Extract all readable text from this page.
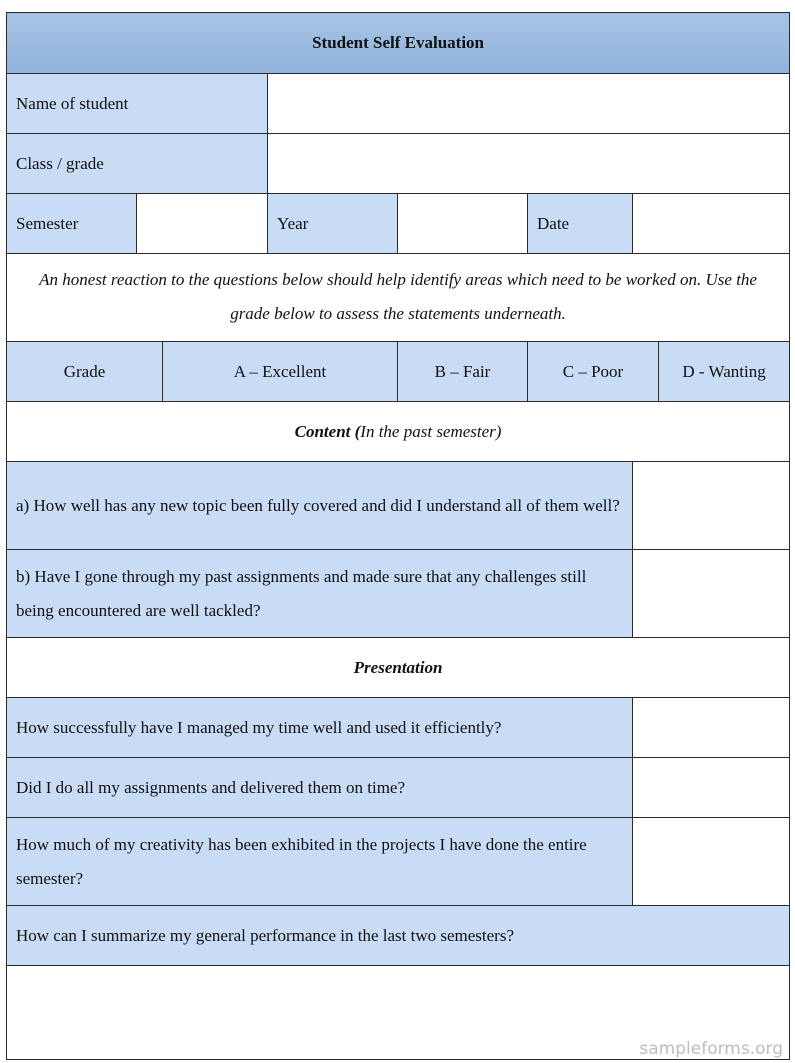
Student Self Evaluation							
Name of student							
Class / grade							
Semester			Year		Date		
An honest reaction to the questions below should help identify areas which need to be worked on. Use the grade below to assess the statements underneath.							
Grade		A – Excellent		B – Fair	C – Poor		D - Wanting
Content (In the past semester)							
a) How well has any new topic been fully covered and did I understand all of them well?							
b) Have I gone through my past assignments and made sure that any challenges still being encountered are well tackled?							
Presentation							
How successfully have I managed my time well and used it efficiently?							
Did I do all my assignments and delivered them on time?							
How much of my creativity has been exhibited in the projects I have done the entire semester?							
How can I summarize my general performance in the last two semesters?							

sampleforms.org
